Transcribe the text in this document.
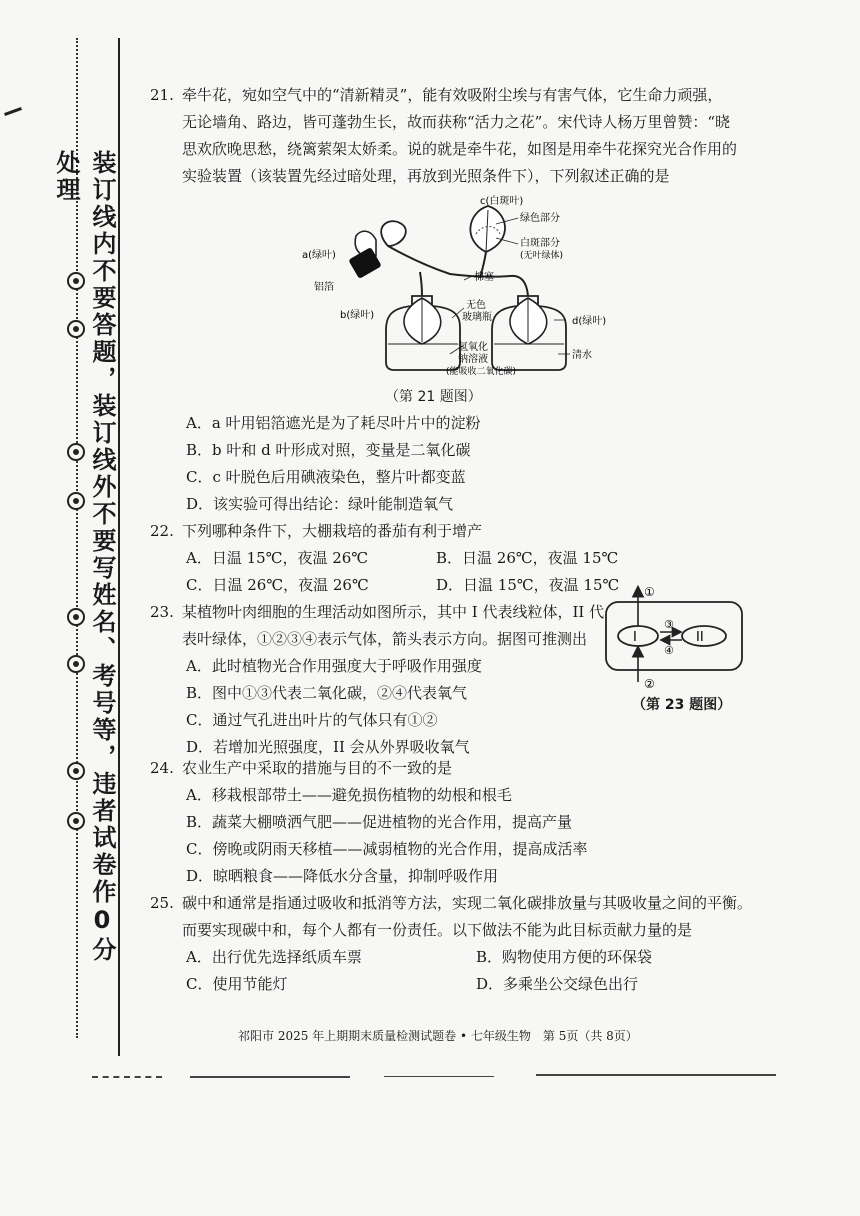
装订线内不要答题，装订线外不要写姓名、考号等，违者试卷作0分处理

21. 牵牛花，宛如空气中的“清新精灵”，能有效吸附尘埃与有害气体，它生命力顽强，

无论墙角、路边，皆可蓬勃生长，故而获称“活力之花”。宋代诗人杨万里曾赞：“晓

思欢欣晚思愁，绕篱萦架太娇柔。说的就是牵牛花，如图是用牵牛花探究光合作用的

实验装置（该装置先经过暗处理，再放到光照条件下），下列叙述正确的是

c(白斑叶)
绿色部分
白斑部分
(无叶绿体)
a(绿叶)
铝箔
棉塞
b(绿叶)
无色
玻璃瓶	d(绿叶)
氢氧化
钠溶液
(能吸收二氧化碳)
清水
（第 21 题图）

A．a 叶用铝箔遮光是为了耗尽叶片中的淀粉

B．b 叶和 d 叶形成对照，变量是二氧化碳

C．c 叶脱色后用碘液染色，整片叶都变蓝

D．该实验可得出结论：绿叶能制造氧气

22. 下列哪种条件下，大棚栽培的番茄有利于增产

A．日温 15℃，夜温 26℃	B．日温 26℃，夜温 15℃
C．日温 26℃，夜温 26℃	D．日温 15℃，夜温 15℃

23. 某植物叶肉细胞的生理活动如图所示，其中 I 代表线粒体，II 代

表叶绿体，①②③④表示气体，箭头表示方向。据图可推测出

A．此时植物光合作用强度大于呼吸作用强度

B．图中①③代表二氧化碳，②④代表氧气

C．通过气孔进出叶片的气体只有①②

D．若增加光照强度，II 会从外界吸收氧气

I	II
①
②
③
④
（第 23 题图）

24. 农业生产中采取的措施与目的不一致的是

A．移栽根部带土——避免损伤植物的幼根和根毛

B．蔬菜大棚喷洒气肥——促进植物的光合作用，提高产量

C．傍晚或阴雨天移植——减弱植物的光合作用，提高成活率

D．晾晒粮食——降低水分含量，抑制呼吸作用

25. 碳中和通常是指通过吸收和抵消等方法，实现二氧化碳排放量与其吸收量之间的平衡。

而要实现碳中和，每个人都有一份责任。以下做法不能为此目标贡献力量的是

A．出行优先选择纸质车票	B．购物使用方便的环保袋
C．使用节能灯	D．多乘坐公交绿色出行
祁阳市 2025 年上期期末质量检测试题卷 • 七年级生物　第 5页（共 8页）
